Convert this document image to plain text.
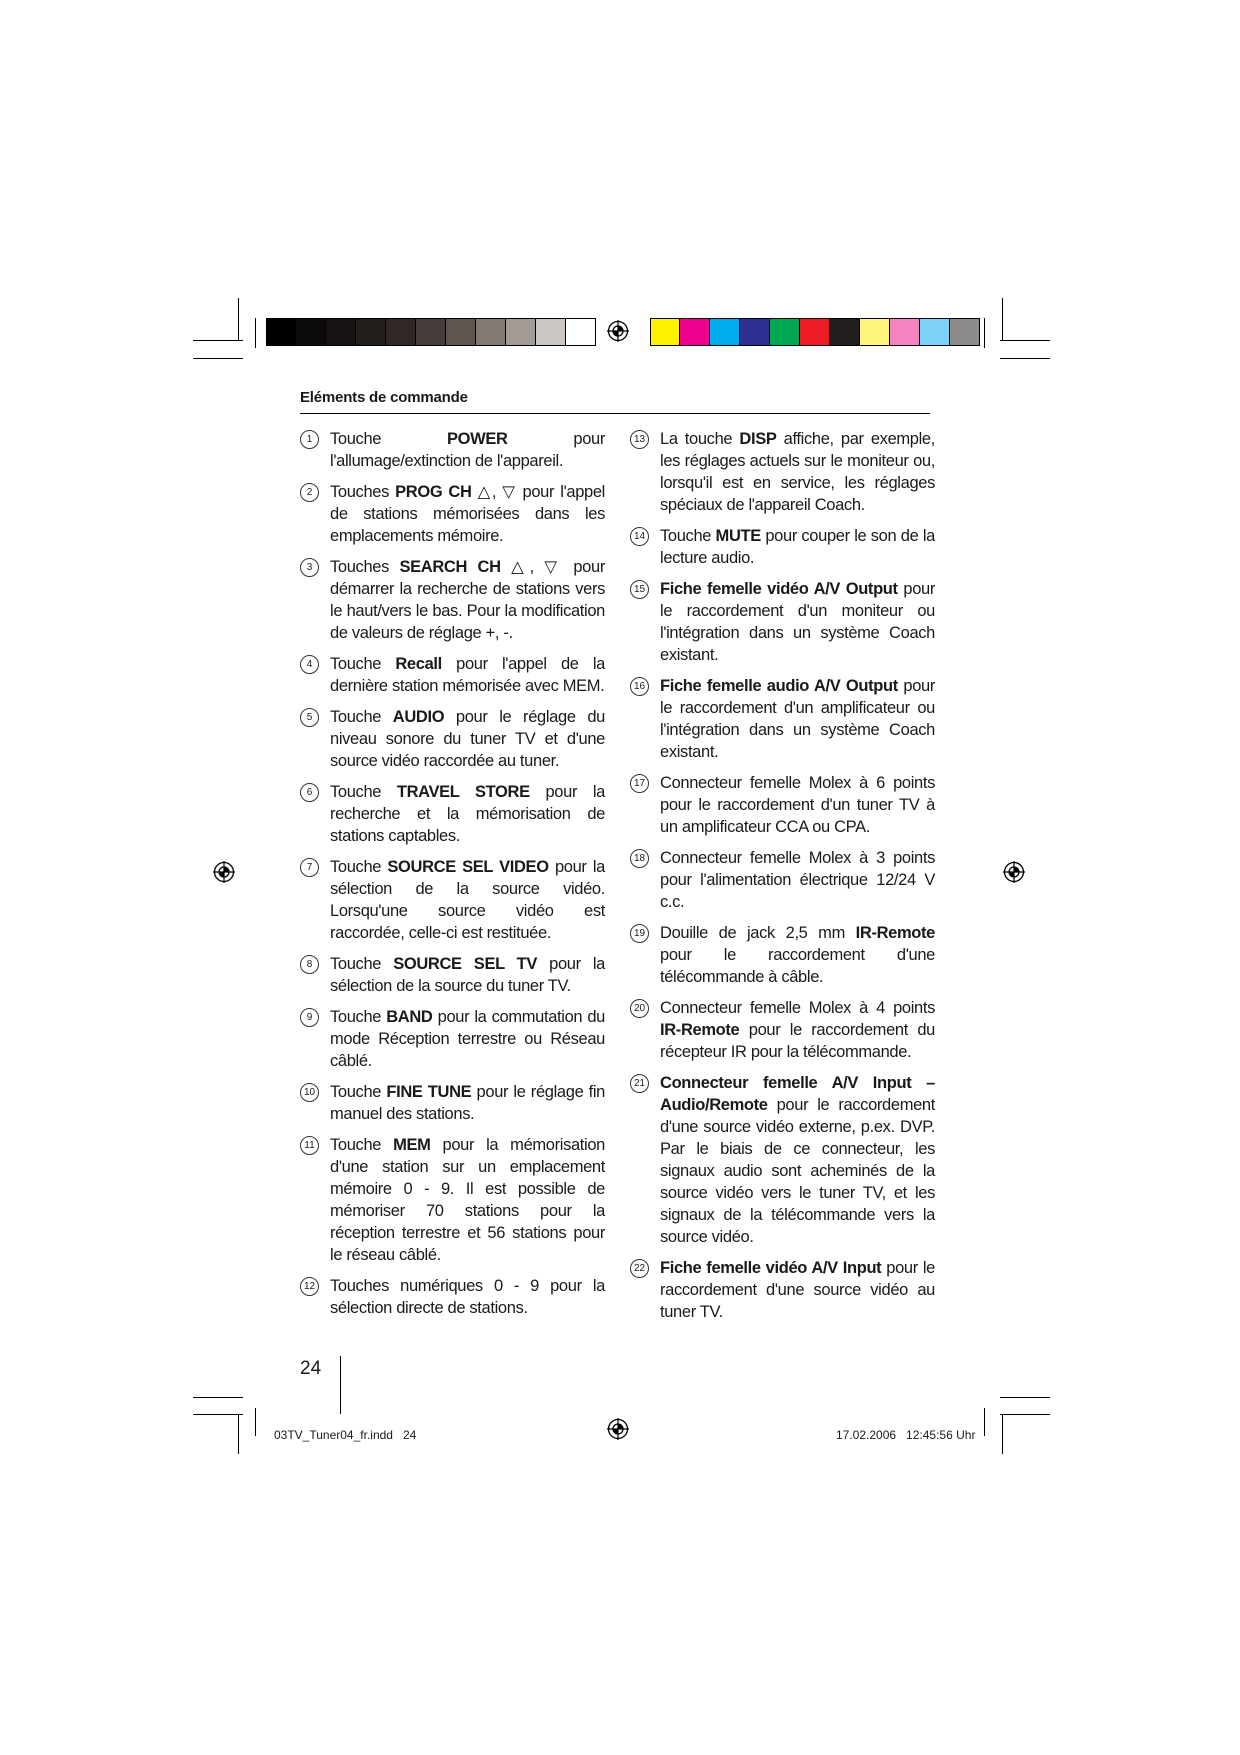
Eléments de commande
1	Touche POWER pour l'allumage/extinction de l'appareil.
2	Touches PROG CH △, ▽ pour l'appel de stations mémorisées dans les emplacements mémoire.
3	Touches SEARCH CH △, ▽ pour démarrer la recherche de stations vers le haut/vers le bas. Pour la modification de valeurs de réglage +, -.
4	Touche Recall pour l'appel de la dernière station mémorisée avec MEM.
5	Touche AUDIO pour le réglage du niveau sonore du tuner TV et d'une source vidéo raccordée au tuner.
6	Touche TRAVEL STORE pour la recherche et la mémorisation de stations captables.
7	Touche SOURCE SEL VIDEO pour la sélection de la source vidéo. Lorsqu'une source vidéo est raccordée, celle-ci est restituée.
8	Touche SOURCE SEL TV pour la sélection de la source du tuner TV.
9	Touche BAND pour la commutation du mode Réception terrestre ou Réseau câblé.
10 Touche FINE TUNE pour le réglage fin manuel des stations.
11 Touche MEM pour la mémorisation d'une station sur un emplacement mémoire 0 - 9. Il est possible de mémoriser 70 stations pour la réception terrestre et 56 stations pour le réseau câblé.
12 Touches numériques 0 - 9 pour la sélection directe de stations.
13 La touche DISP affiche, par exemple, les réglages actuels sur le moniteur ou, lorsqu'il est en service, les réglages spéciaux de l'appareil Coach.
14 Touche MUTE pour couper le son de la lecture audio.
15 Fiche femelle vidéo A/V Output pour le raccordement d'un moniteur ou l'intégration dans un système Coach existant.
16 Fiche femelle audio A/V Output pour le raccordement d'un amplificateur ou l'intégration dans un système Coach existant.
17 Connecteur femelle Molex à 6 points pour le raccordement d'un tuner TV à un amplificateur CCA ou CPA.
18 Connecteur femelle Molex à 3 points pour l'alimentation électrique 12/24 V c.c.
19 Douille de jack 2,5 mm IR-Remote pour le raccordement d'une télécommande à câble.
20 Connecteur femelle Molex à 4 points IR-Remote pour le raccordement du récepteur IR pour la télécommande.
21 Connecteur femelle A/V Input – Audio/Remote pour le raccordement d'une source vidéo externe, p.ex. DVP. Par le biais de ce connecteur, les signaux audio sont acheminés de la source vidéo vers le tuner TV, et les signaux de la télécommande vers la source vidéo.
22 Fiche femelle vidéo A/V Input pour le raccordement d'une source vidéo au tuner TV.
24
03TV_Tuner04_fr.indd   24	17.02.2006   12:45:56 Uhr
